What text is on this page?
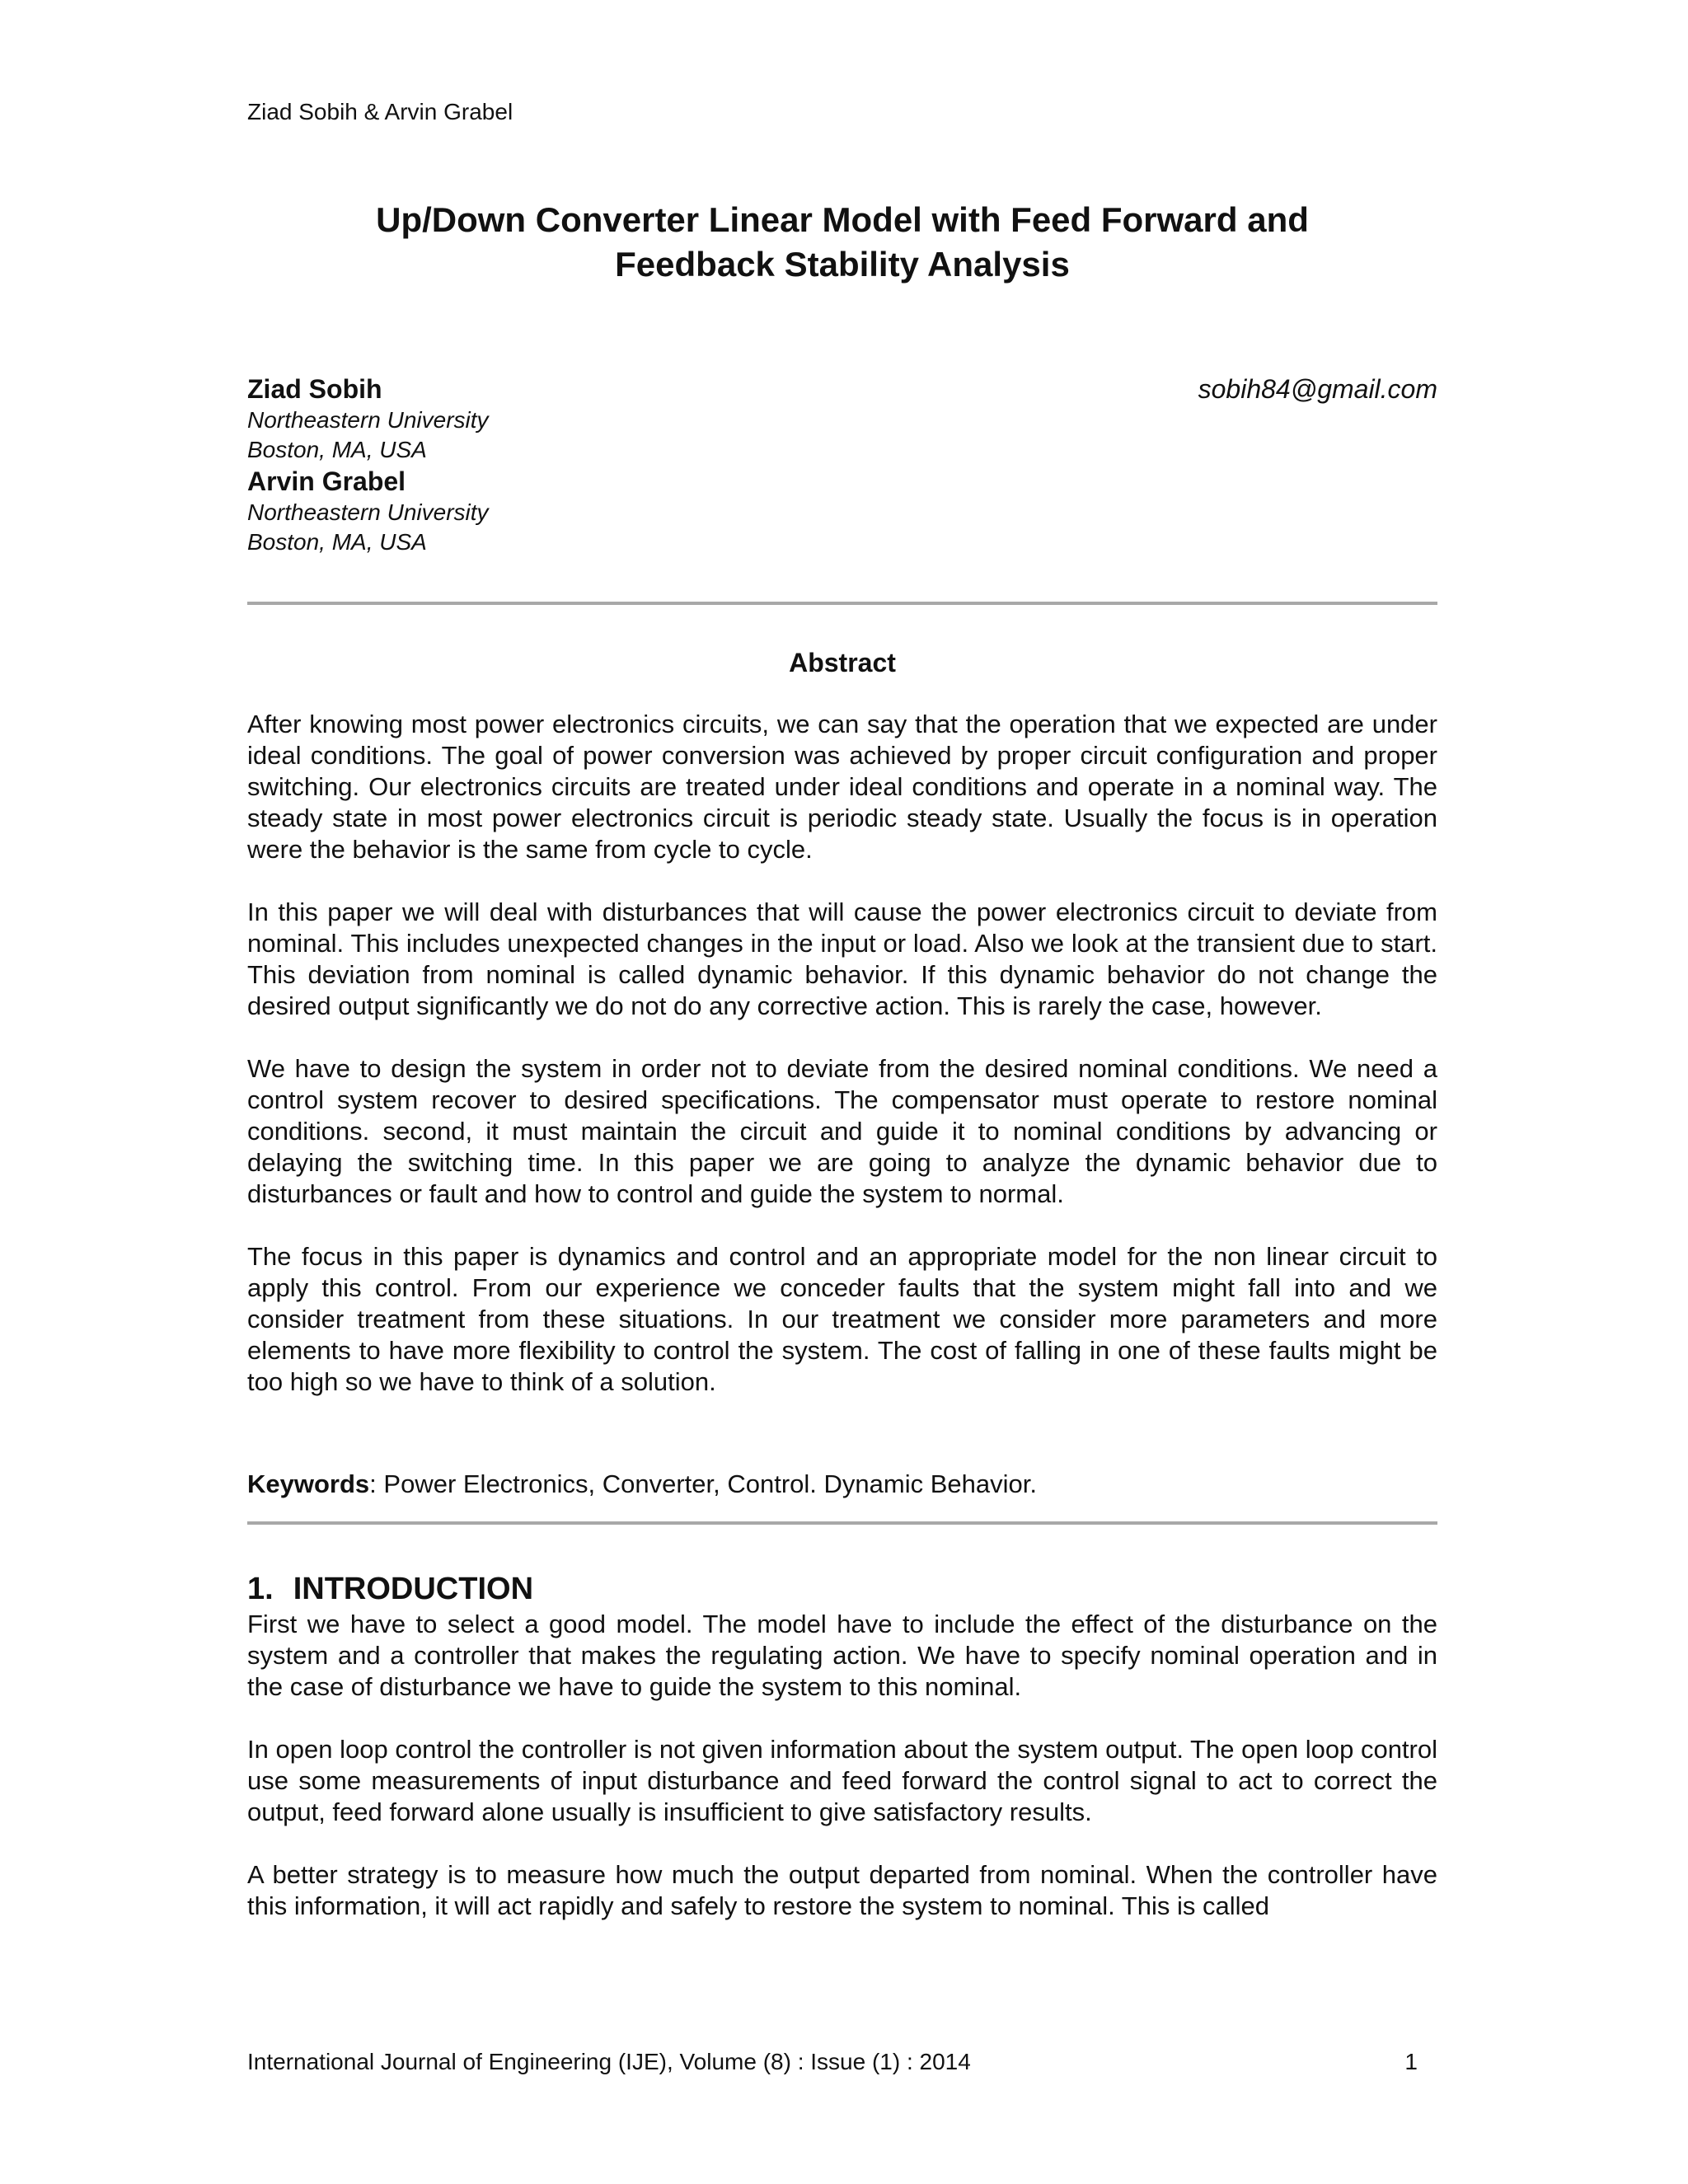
Ziad Sobih & Arvin Grabel
Up/Down Converter Linear Model with Feed Forward and
Feedback Stability Analysis
Ziad Sobih
Northeastern University
Boston, MA, USA
sobih84@gmail.com
Arvin Grabel
Northeastern University
Boston, MA, USA
Abstract

After knowing most power electronics circuits, we can say that the operation that we expected are under ideal conditions. The goal of power conversion was achieved by proper circuit configuration and proper switching. Our electronics circuits are treated under ideal conditions and operate in a nominal way. The steady state in most power electronics circuit is periodic steady state. Usually the focus is in operation were the behavior is the same from cycle to cycle.

In this paper we will deal with disturbances that will cause the power electronics circuit to deviate from nominal. This includes unexpected changes in the input or load. Also we look at the transient due to start. This deviation from nominal is called dynamic behavior. If this dynamic behavior do not change the desired output significantly we do not do any corrective action. This is rarely the case, however.

We have to design the system in order not to deviate from the desired nominal conditions. We need a control system recover to desired specifications. The compensator must operate to restore nominal conditions. second, it must maintain the circuit and guide it to nominal conditions by advancing or delaying the switching time. In this paper we are going to analyze the dynamic behavior due to disturbances or fault and how to control and guide the system to normal.

The focus in this paper is dynamics and control and an appropriate model for the non linear circuit to apply this control. From our experience we conceder faults that the system might fall into and we consider treatment from these situations. In our treatment we consider more parameters and more elements to have more flexibility to control the system. The cost of falling in one of these faults might be too high so we have to think of a solution.

Keywords: Power Electronics, Converter, Control. Dynamic Behavior.
1. INTRODUCTION

First we have to select a good model. The model have to include the effect of the disturbance on the system and a controller that makes the regulating action. We have to specify nominal operation and in the case of disturbance we have to guide the system to this nominal.

In open loop control the controller is not given information about the system output. The open loop control use some measurements of input disturbance and feed forward the control signal to act to correct the output, feed forward alone usually is insufficient to give satisfactory results.

A better strategy is to measure how much the output departed from nominal. When the controller have this information, it will act rapidly and safely to restore the system to nominal. This is called

International Journal of Engineering (IJE), Volume (8) : Issue (1) : 2014	1
